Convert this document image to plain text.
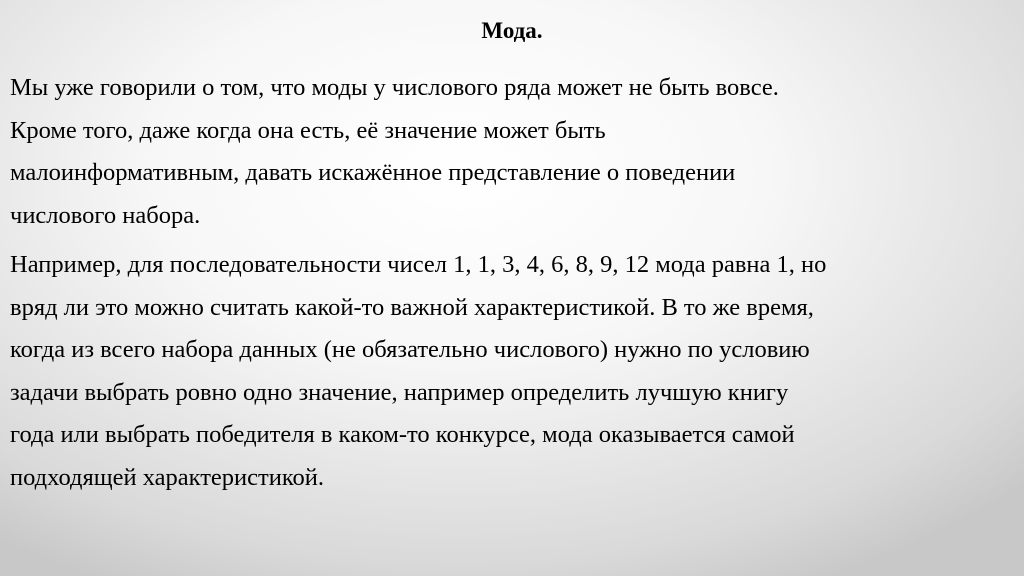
Мода.

Мы уже говорили о том, что моды у числового ряда может не быть вовсе.
Кроме того, даже когда она есть, её значение может быть
малоинформативным, давать искажённое представление о поведении
числового набора.

Например, для последовательности чисел 1, 1, 3, 4, 6, 8, 9, 12 мода равна 1, но
вряд ли это можно считать какой-то важной характеристикой. В то же время,
когда из всего набора данных (не обязательно числового) нужно по условию
задачи выбрать ровно одно значение, например определить лучшую книгу
года или выбрать победителя в каком-то конкурсе, мода оказывается самой
подходящей характеристикой.
